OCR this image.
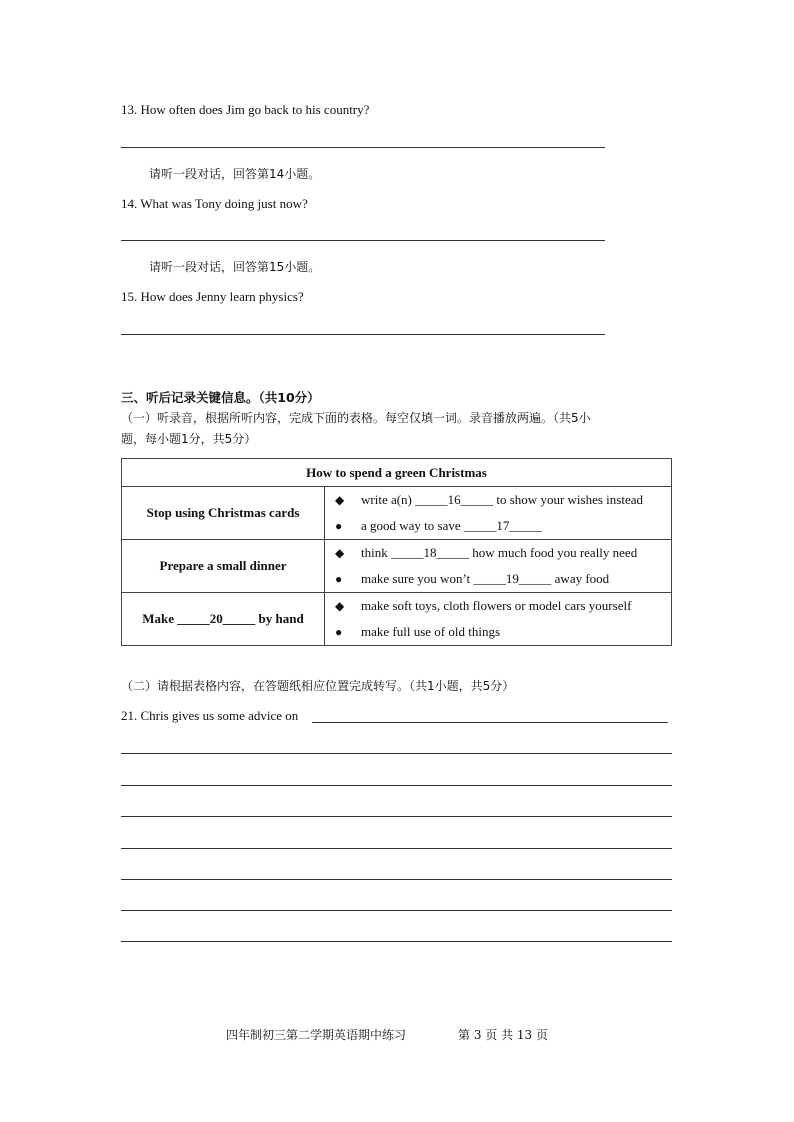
13. How often does Jim go back to his country?
请听一段对话，回答第14小题。
14. What was Tony doing just now?
请听一段对话，回答第15小题。
15. How does Jenny learn physics?
三、听后记录关键信息。（共10分）
（一）听录音，根据所听内容，完成下面的表格。每空仅填一词。录音播放两遍。（共5小
题，每小题1分，共5分）
How to spend a green Christmas	
Stop using Christmas cards	◆ write a(n) _____16_____ to show your wishes instead
● a good way to save _____17_____

Prepare a small dinner	◆ think _____18_____ how much food you really need
● make sure you won’t _____19_____ away food

Make _____20_____ by hand	◆ make soft toys, cloth flowers or model cars yourself
● make full use of old things
（二）请根据表格内容，在答题纸相应位置完成转写。（共1小题，共5分）
21. Chris gives us some advice on
四年制初三第二学期英语期中练习	第 3 页 共 13 页
